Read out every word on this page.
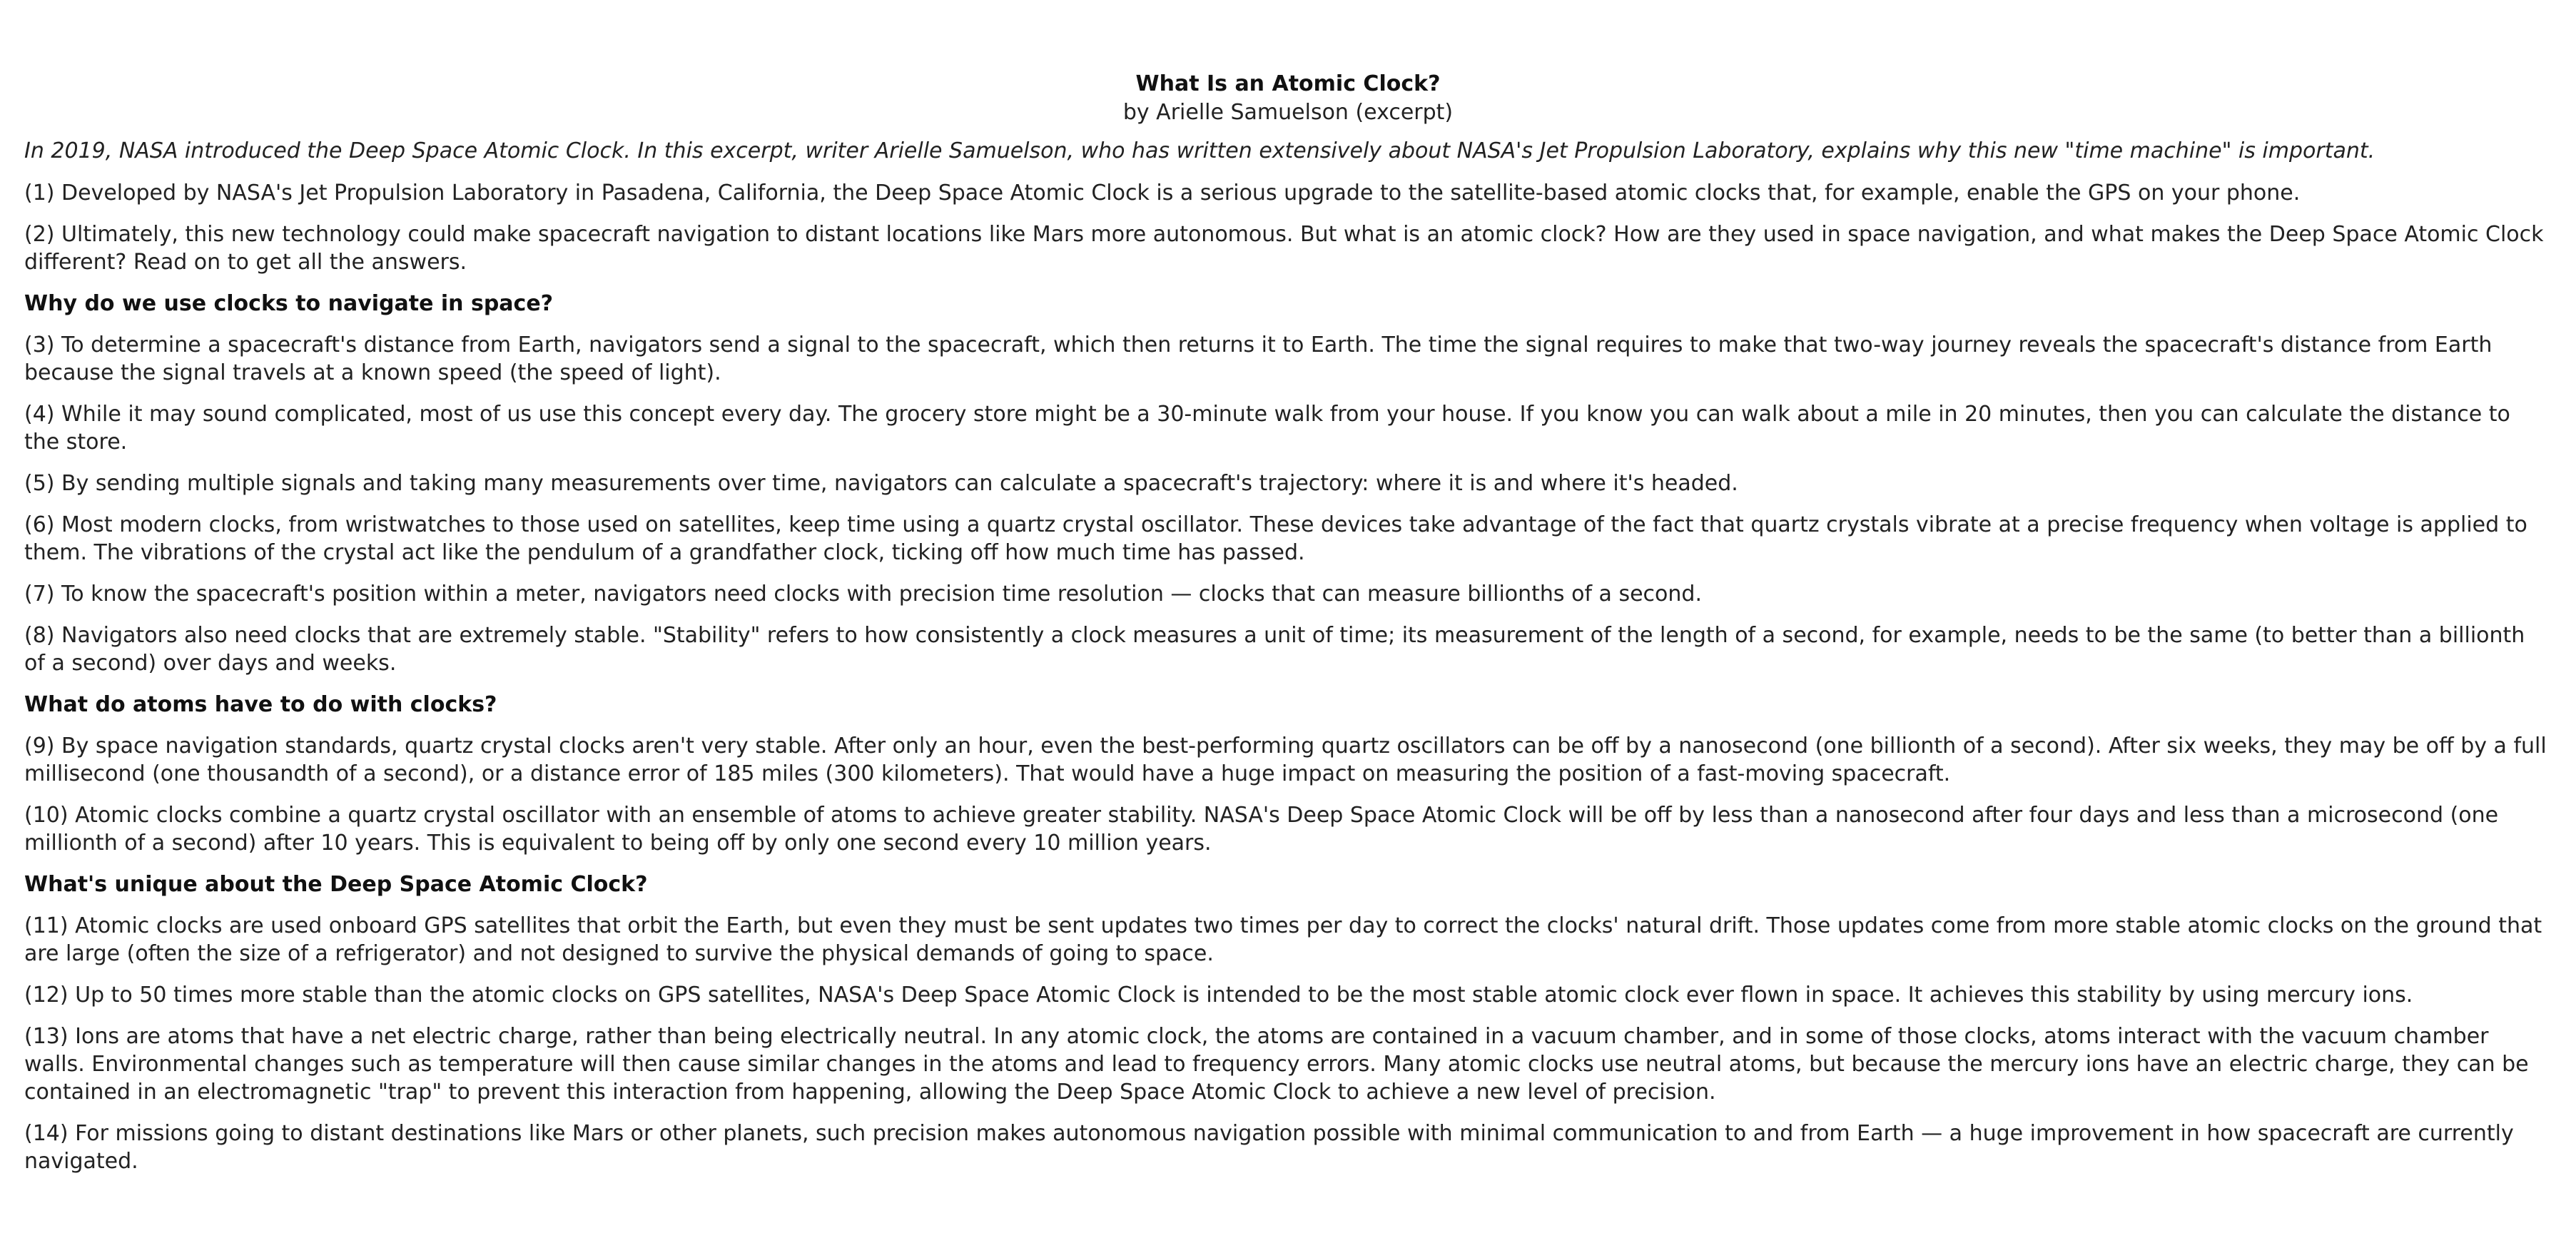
What Is an Atomic Clock?
by Arielle Samuelson (excerpt)

In 2019, NASA introduced the Deep Space Atomic Clock. In this excerpt, writer Arielle Samuelson, who has written extensively about NASA's Jet Propulsion Laboratory, explains why this new "time machine" is important.

(1) Developed by NASA's Jet Propulsion Laboratory in Pasadena, California, the Deep Space Atomic Clock is a serious upgrade to the satellite-based atomic clocks that, for example, enable the GPS on your phone.

(2) Ultimately, this new technology could make spacecraft navigation to distant locations like Mars more autonomous. But what is an atomic clock? How are they used in space navigation, and what makes the Deep Space Atomic Clock different? Read on to get all the answers.

Why do we use clocks to navigate in space?

(3) To determine a spacecraft's distance from Earth, navigators send a signal to the spacecraft, which then returns it to Earth. The time the signal requires to make that two-way journey reveals the spacecraft's distance from Earth because the signal travels at a known speed (the speed of light).

(4) While it may sound complicated, most of us use this concept every day. The grocery store might be a 30-minute walk from your house. If you know you can walk about a mile in 20 minutes, then you can calculate the distance to the store.

(5) By sending multiple signals and taking many measurements over time, navigators can calculate a spacecraft's trajectory: where it is and where it's headed.

(6) Most modern clocks, from wristwatches to those used on satellites, keep time using a quartz crystal oscillator. These devices take advantage of the fact that quartz crystals vibrate at a precise frequency when voltage is applied to them. The vibrations of the crystal act like the pendulum of a grandfather clock, ticking off how much time has passed.

(7) To know the spacecraft's position within a meter, navigators need clocks with precision time resolution — clocks that can measure billionths of a second.

(8) Navigators also need clocks that are extremely stable. "Stability" refers to how consistently a clock measures a unit of time; its measurement of the length of a second, for example, needs to be the same (to better than a billionth of a second) over days and weeks.

What do atoms have to do with clocks?

(9) By space navigation standards, quartz crystal clocks aren't very stable. After only an hour, even the best-performing quartz oscillators can be off by a nanosecond (one billionth of a second). After six weeks, they may be off by a full millisecond (one thousandth of a second), or a distance error of 185 miles (300 kilometers). That would have a huge impact on measuring the position of a fast-moving spacecraft.

(10) Atomic clocks combine a quartz crystal oscillator with an ensemble of atoms to achieve greater stability. NASA's Deep Space Atomic Clock will be off by less than a nanosecond after four days and less than a microsecond (one millionth of a second) after 10 years. This is equivalent to being off by only one second every 10 million years.

What's unique about the Deep Space Atomic Clock?

(11) Atomic clocks are used onboard GPS satellites that orbit the Earth, but even they must be sent updates two times per day to correct the clocks' natural drift. Those updates come from more stable atomic clocks on the ground that are large (often the size of a refrigerator) and not designed to survive the physical demands of going to space.

(12) Up to 50 times more stable than the atomic clocks on GPS satellites, NASA's Deep Space Atomic Clock is intended to be the most stable atomic clock ever flown in space. It achieves this stability by using mercury ions.

(13) Ions are atoms that have a net electric charge, rather than being electrically neutral. In any atomic clock, the atoms are contained in a vacuum chamber, and in some of those clocks, atoms interact with the vacuum chamber walls. Environmental changes such as temperature will then cause similar changes in the atoms and lead to frequency errors. Many atomic clocks use neutral atoms, but because the mercury ions have an electric charge, they can be contained in an electromagnetic "trap" to prevent this interaction from happening, allowing the Deep Space Atomic Clock to achieve a new level of precision.

(14) For missions going to distant destinations like Mars or other planets, such precision makes autonomous navigation possible with minimal communication to and from Earth — a huge improvement in how spacecraft are currently navigated.
